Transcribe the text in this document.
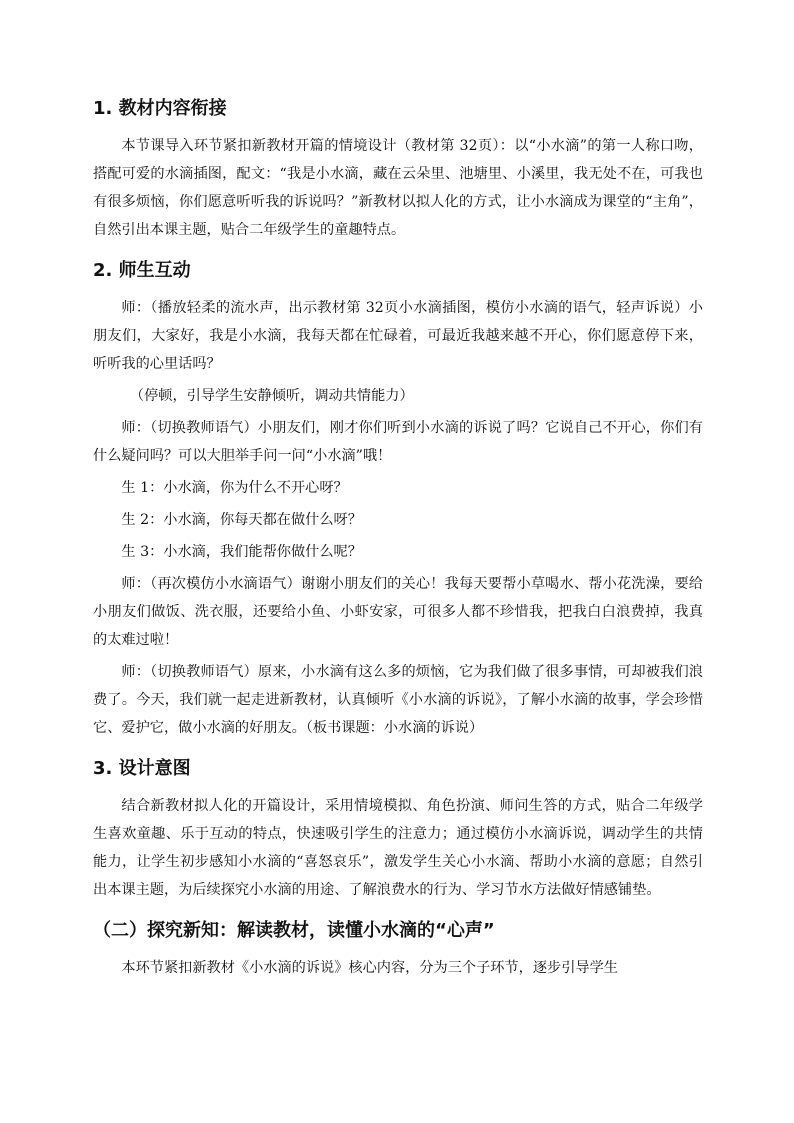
1. 教材内容衔接

本节课导入环节紧扣新教材开篇的情境设计（教材第 32页）：以“小水滴”的第一人称口吻，搭配可爱的水滴插图，配文：“我是小水滴，藏在云朵里、池塘里、小溪里，我无处不在，可我也有很多烦恼，你们愿意听听我的诉说吗？”新教材以拟人化的方式，让小水滴成为课堂的“主角”，自然引出本课主题，贴合二年级学生的童趣特点。

2. 师生互动

师：（播放轻柔的流水声，出示教材第 32页小水滴插图，模仿小水滴的语气，轻声诉说）小朋友们，大家好，我是小水滴，我每天都在忙碌着，可最近我越来越不开心，你们愿意停下来，听听我的心里话吗？

（停顿，引导学生安静倾听，调动共情能力）

师：（切换教师语气）小朋友们，刚才你们听到小水滴的诉说了吗？它说自己不开心，你们有什么疑问吗？可以大胆举手问一问“小水滴”哦！

生 1：小水滴，你为什么不开心呀？

生 2：小水滴，你每天都在做什么呀？

生 3：小水滴，我们能帮你做什么呢？

师：（再次模仿小水滴语气）谢谢小朋友们的关心！我每天要帮小草喝水、帮小花洗澡，要给小朋友们做饭、洗衣服，还要给小鱼、小虾安家，可很多人都不珍惜我，把我白白浪费掉，我真的太难过啦！

师：（切换教师语气）原来，小水滴有这么多的烦恼，它为我们做了很多事情，可却被我们浪费了。今天，我们就一起走进新教材，认真倾听《小水滴的诉说》，了解小水滴的故事，学会珍惜它、爱护它，做小水滴的好朋友。（板书课题：小水滴的诉说）

3. 设计意图

结合新教材拟人化的开篇设计，采用情境模拟、角色扮演、师问生答的方式，贴合二年级学生喜欢童趣、乐于互动的特点，快速吸引学生的注意力；通过模仿小水滴诉说，调动学生的共情能力，让学生初步感知小水滴的“喜怒哀乐”，激发学生关心小水滴、帮助小水滴的意愿；自然引出本课主题，为后续探究小水滴的用途、了解浪费水的行为、学习节水方法做好情感铺垫。

（二）探究新知：解读教材，读懂小水滴的“心声”

本环节紧扣新教材《小水滴的诉说》核心内容，分为三个子环节，逐步引导学生
